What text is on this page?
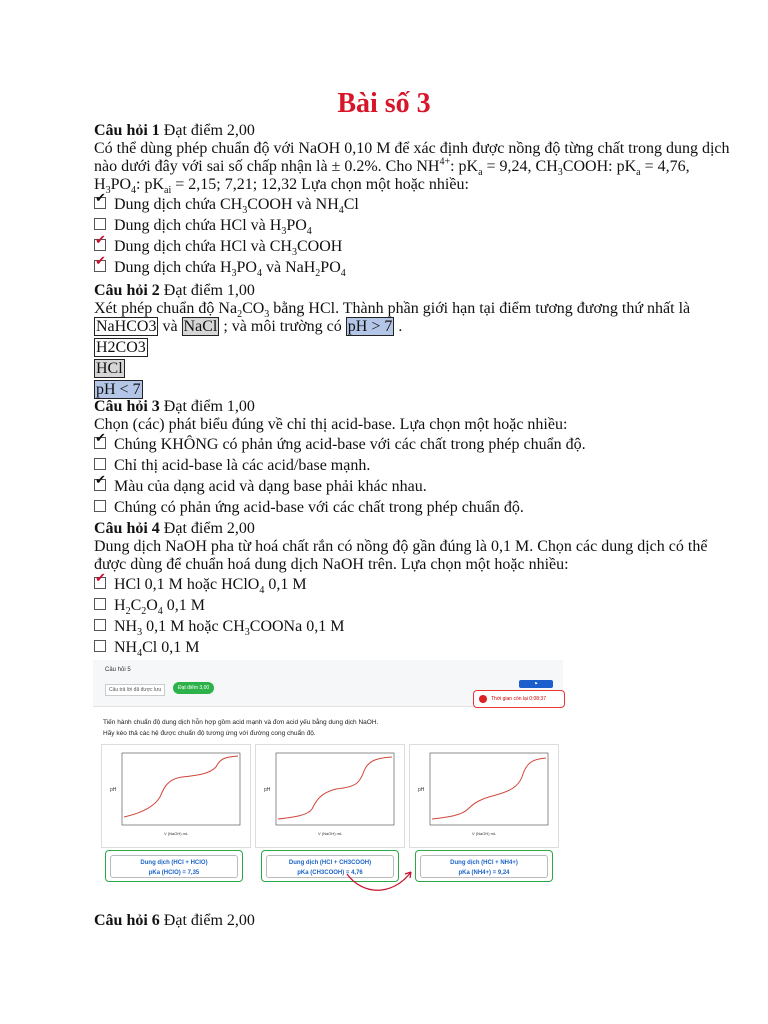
Bài số 3
Câu hỏi 1 Đạt điểm 2,00

Có thể dùng phép chuẩn độ với NaOH 0,10 M để xác định được nồng độ từng chất trong dung dịch nào dưới đây với sai số chấp nhận là ± 0.2%. Cho $NH_4^+$: $pK_a = 9,24$, $CH_3COOH$: $pK_a = 4,76$, $H_3PO_4$: $pK_{ai} = 2,15$; 7,21; 12,32 Lựa chọn một hoặc nhiều:

✔ Dung dịch chứa $CH_3COOH$ và $NH_4Cl$
Dung dịch chứa HCl và $H_3PO_4$
✔ Dung dịch chứa HCl và $CH_3COOH$
✔ Dung dịch chứa $H_3PO_4$ và $NaH_2PO_4$
Câu hỏi 2 Đạt điểm 1,00

Xét phép chuẩn độ $Na_2CO_3$ bằng HCl. Thành phần giới hạn tại điểm tương đương thứ nhất là NaHCO3 và NaCl ; và môi trường có pH > 7 .

H2CO3
HCl
pH < 7
Câu hỏi 3 Đạt điểm 1,00

Chọn (các) phát biểu đúng về chỉ thị acid-base. Lựa chọn một hoặc nhiều:

✔ Chúng KHÔNG có phản ứng acid-base với các chất trong phép chuẩn độ.
Chỉ thị acid-base là các acid/base mạnh.
✔ Màu của dạng acid và dạng base phải khác nhau.
Chúng có phản ứng acid-base với các chất trong phép chuẩn độ.
Câu hỏi 4 Đạt điểm 2,00

Dung dịch NaOH pha từ hoá chất rắn có nồng độ gần đúng là 0,1 M. Chọn các dung dịch có thể được dùng để chuẩn hoá dung dịch NaOH trên. Lựa chọn một hoặc nhiều:

✔ HCl 0,1 M hoặc HClO$_4$ 0,1 M
$H_2C_2O_4$ 0,1 M
$NH_3$ 0,1 M hoặc $CH_3COONa$ 0,1 M
$NH_4Cl$ 0,1 M
Câu hỏi 5
Câu trả lời đã được lưu	Đạt điểm 3,00
⚑
Thời gian còn lại 0:08:37
Tiến hành chuẩn độ dung dịch hỗn hợp gồm acid mạnh và đơn acid yếu bằng dung dịch NaOH.
Hãy kéo thả các hệ được chuẩn độ tương ứng với đường cong chuẩn độ.
pH
V (NaOH) mL
pH
V (NaOH) mL
pH
V (NaOH) mL
Dung dịch (HCl + HClO)
pKa (HClO) = 7,35
Dung dịch (HCl + CH3COOH)
pKa (CH3COOH) = 4,76
Dung dịch (HCl + NH4+)
pKa (NH4+) = 9,24
Câu hỏi 6 Đạt điểm 2,00
